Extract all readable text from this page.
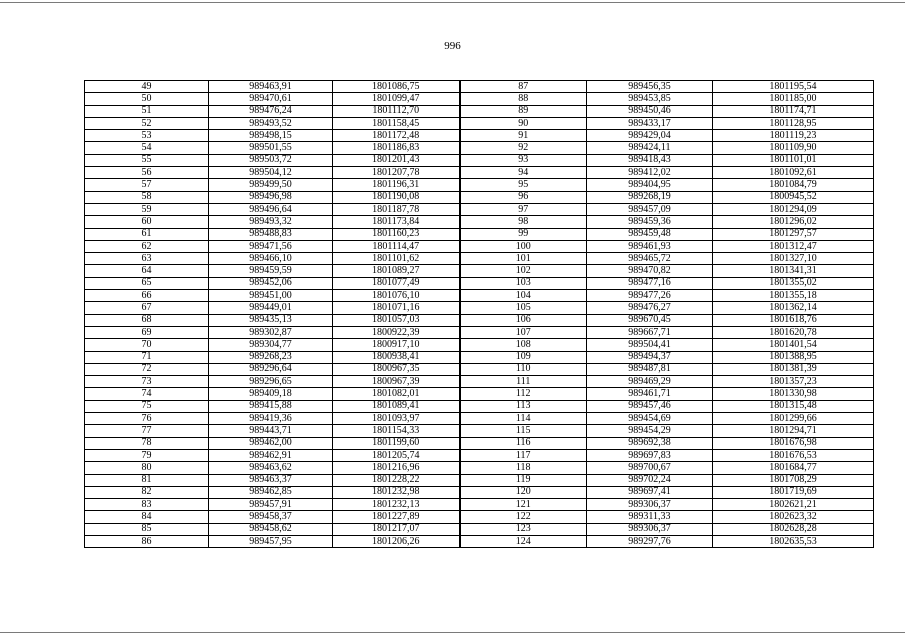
996
49	989463,91	1801086,75	87	989456,35	1801195,54
50	989470,61	1801099,47	88	989453,85	1801185,00
51	989476,24	1801112,70	89	989450,46	1801174,71
52	989493,52	1801158,45	90	989433,17	1801128,95
53	989498,15	1801172,48	91	989429,04	1801119,23
54	989501,55	1801186,83	92	989424,11	1801109,90
55	989503,72	1801201,43	93	989418,43	1801101,01
56	989504,12	1801207,78	94	989412,02	1801092,61
57	989499,50	1801196,31	95	989404,95	1801084,79
58	989496,98	1801190,08	96	989268,19	1800945,52
59	989496,64	1801187,78	97	989457,09	1801294,09
60	989493,32	1801173,84	98	989459,36	1801296,02
61	989488,83	1801160,23	99	989459,48	1801297,57
62	989471,56	1801114,47	100	989461,93	1801312,47
63	989466,10	1801101,62	101	989465,72	1801327,10
64	989459,59	1801089,27	102	989470,82	1801341,31
65	989452,06	1801077,49	103	989477,16	1801355,02
66	989451,00	1801076,10	104	989477,26	1801355,18
67	989449,01	1801071,16	105	989476,27	1801362,14
68	989435,13	1801057,03	106	989670,45	1801618,76
69	989302,87	1800922,39	107	989667,71	1801620,78
70	989304,77	1800917,10	108	989504,41	1801401,54
71	989268,23	1800938,41	109	989494,37	1801388,95
72	989296,64	1800967,35	110	989487,81	1801381,39
73	989296,65	1800967,39	111	989469,29	1801357,23
74	989409,18	1801082,01	112	989461,71	1801330,98
75	989415,88	1801089,41	113	989457,46	1801315,48
76	989419,36	1801093,97	114	989454,69	1801299,66
77	989443,71	1801154,33	115	989454,29	1801294,71
78	989462,00	1801199,60	116	989692,38	1801676,98
79	989462,91	1801205,74	117	989697,83	1801676,53
80	989463,62	1801216,96	118	989700,67	1801684,77
81	989463,37	1801228,22	119	989702,24	1801708,29
82	989462,85	1801232,98	120	989697,41	1801719,69
83	989457,91	1801232,13	121	989306,37	1802621,21
84	989458,37	1801227,89	122	989311,33	1802623,32
85	989458,62	1801217,07	123	989306,37	1802628,28
86	989457,95	1801206,26	124	989297,76	1802635,53
